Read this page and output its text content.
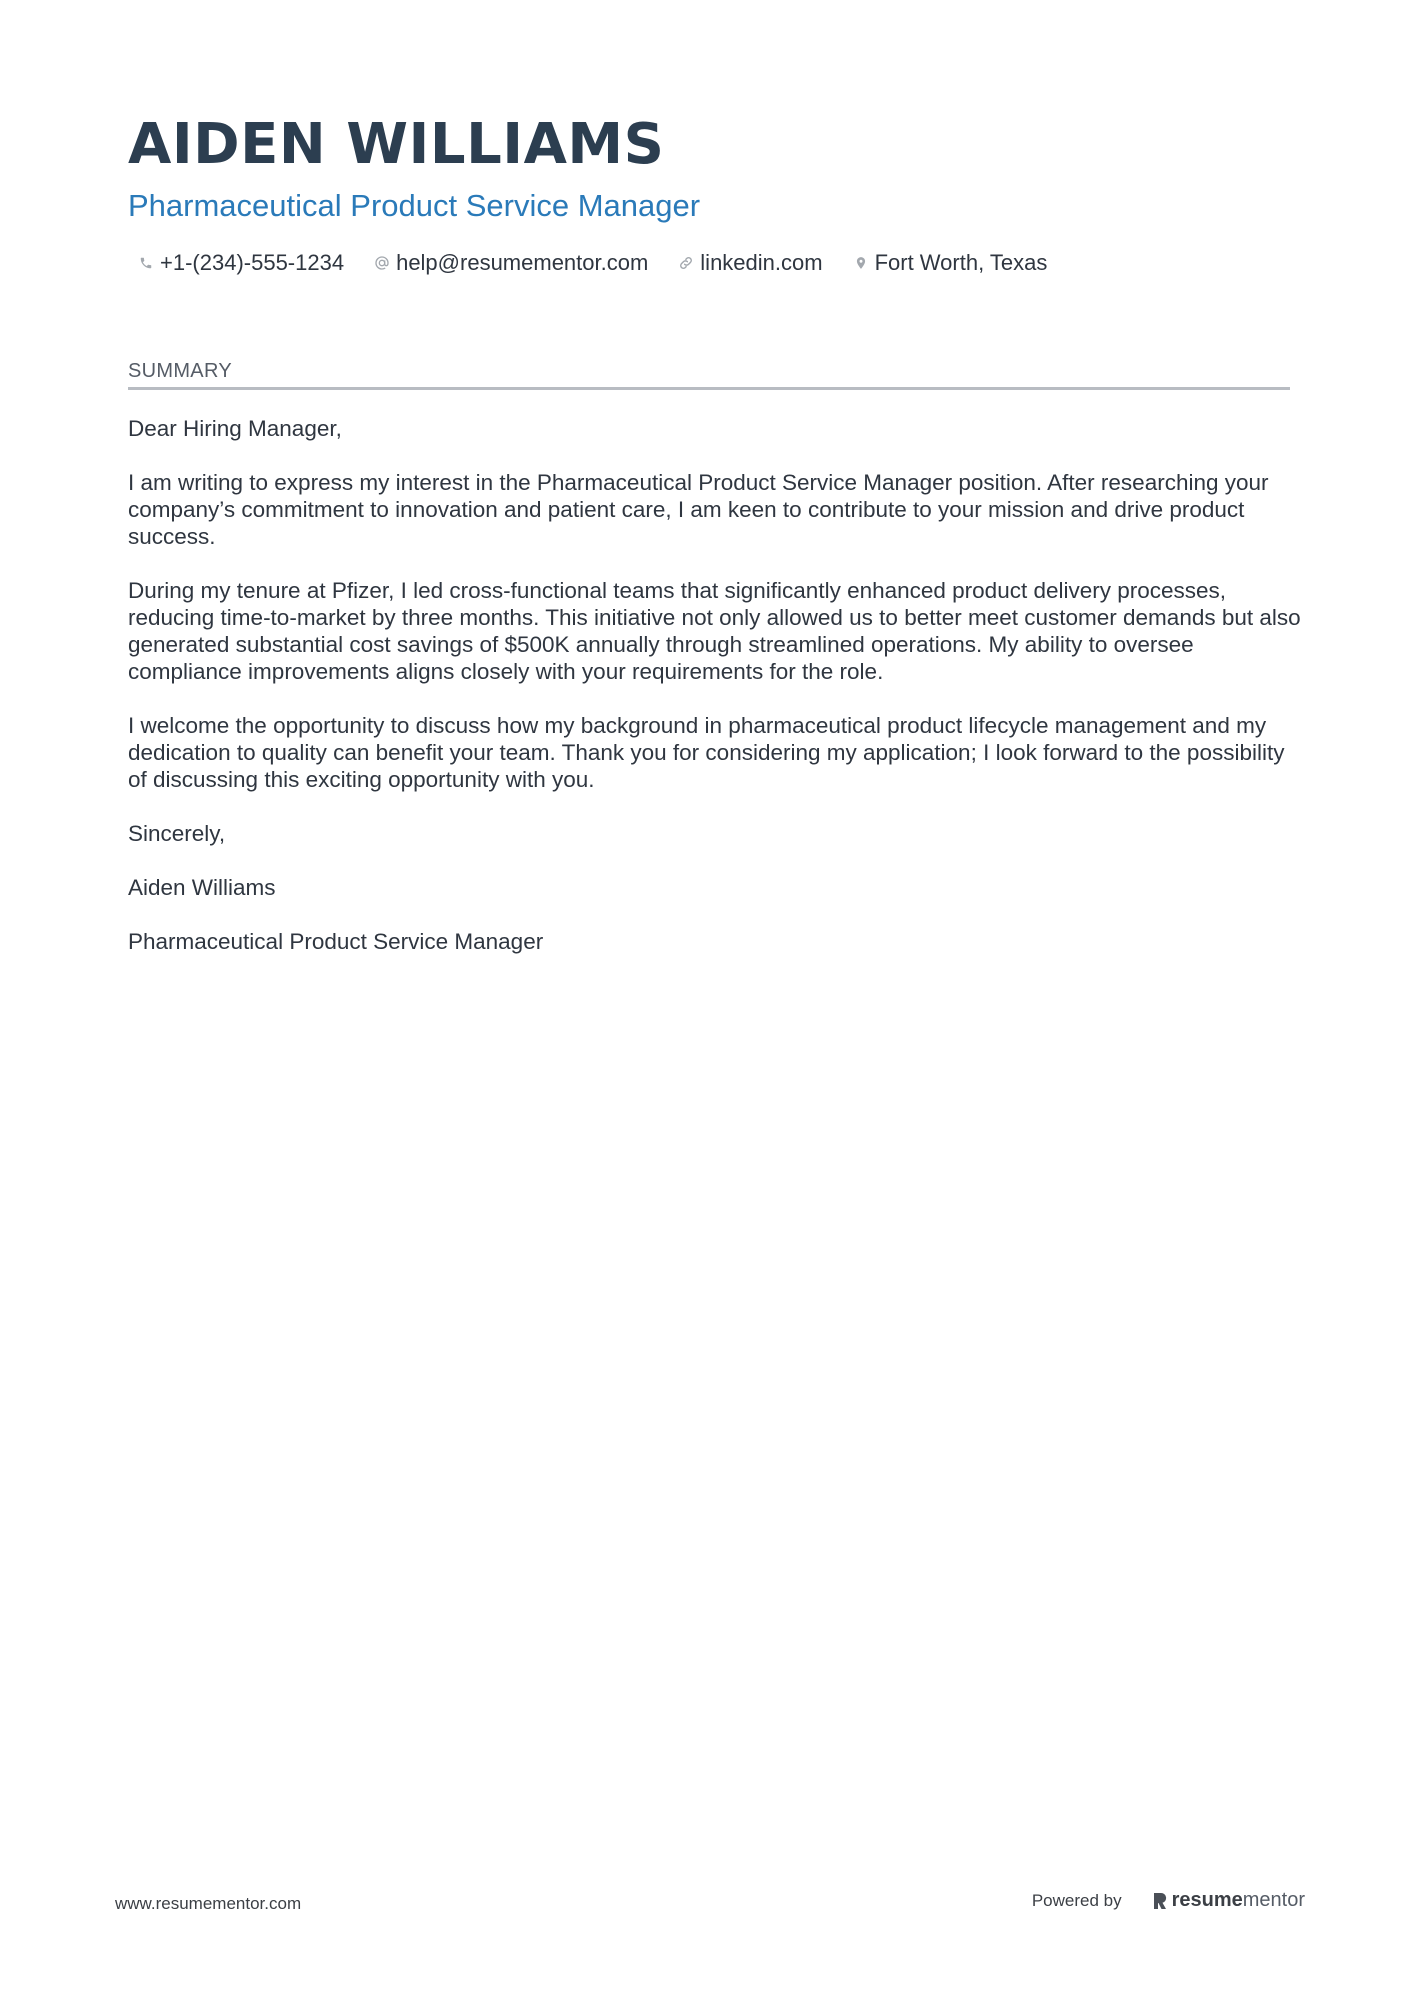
AIDEN WILLIAMS
Pharmaceutical Product Service Manager
+1-(234)-555-1234 help@resumementor.com linkedin.com Fort Worth, Texas
SUMMARY

Dear Hiring Manager,

I am writing to express my interest in the Pharmaceutical Product Service Manager position. After researching your company’s commitment to innovation and patient care, I am keen to contribute to your mission and drive product success.

During my tenure at Pfizer, I led cross-functional teams that significantly enhanced product delivery processes, reducing time-to-market by three months. This initiative not only allowed us to better meet customer demands but also generated substantial cost savings of $500K annually through streamlined operations. My ability to oversee compliance improvements aligns closely with your requirements for the role.

I welcome the opportunity to discuss how my background in pharmaceutical product lifecycle management and my dedication to quality can benefit your team. Thank you for considering my application; I look forward to the possibility of discussing this exciting opportunity with you.

Sincerely,

Aiden Williams

Pharmaceutical Product Service Manager

www.resumementor.com	Powered by	resume mentor
